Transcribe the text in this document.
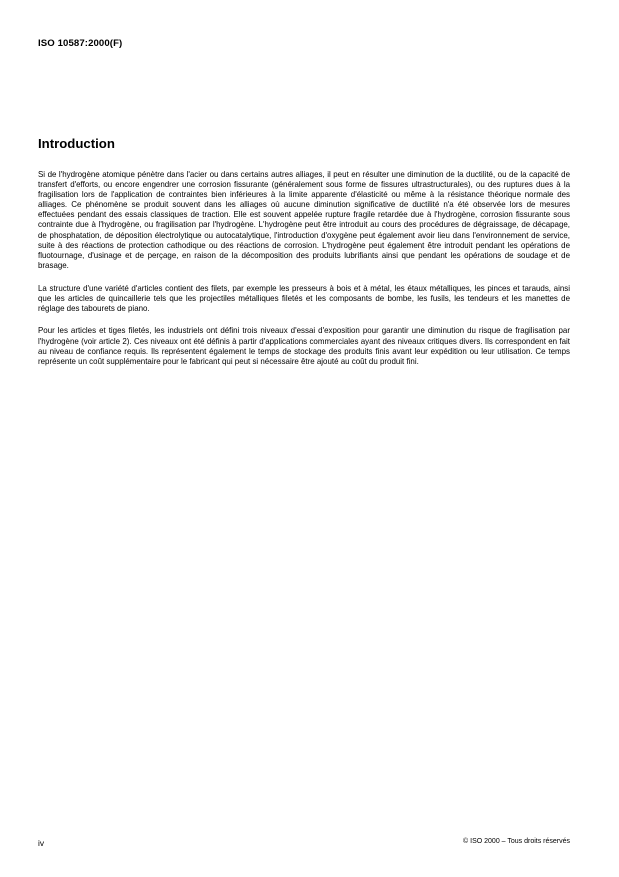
ISO 10587:2000(F)
Introduction

Si de l'hydrogène atomique pénètre dans l'acier ou dans certains autres alliages, il peut en résulter une diminution de la ductilité, ou de la capacité de transfert d'efforts, ou encore engendrer une corrosion fissurante (généralement sous forme de fissures ultrastructurales), ou des ruptures dues à la fragilisation lors de l'application de contraintes bien inférieures à la limite apparente d'élasticité ou même à la résistance théorique normale des alliages. Ce phénomène se produit souvent dans les alliages où aucune diminution significative de ductilité n'a été observée lors de mesures effectuées pendant des essais classiques de traction. Elle est souvent appelée rupture fragile retardée due à l'hydrogène, corrosion fissurante sous contrainte due à l'hydrogène, ou fragilisation par l'hydrogène. L'hydrogène peut être introduit au cours des procédures de dégraissage, de décapage, de phosphatation, de déposition électrolytique ou autocatalytique, l'introduction d'oxygène peut également avoir lieu dans l'environnement de service, suite à des réactions de protection cathodique ou des réactions de corrosion. L'hydrogène peut également être introduit pendant les opérations de fluotournage, d'usinage et de perçage, en raison de la décomposition des produits lubrifiants ainsi que pendant les opérations de soudage et de brasage.

La structure d'une variété d'articles contient des filets, par exemple les presseurs à bois et à métal, les étaux métalliques, les pinces et tarauds, ainsi que les articles de quincaillerie tels que les projectiles métalliques filetés et les composants de bombe, les fusils, les tendeurs et les manettes de réglage des tabourets de piano.

Pour les articles et tiges filetés, les industriels ont défini trois niveaux d'essai d'exposition pour garantir une diminution du risque de fragilisation par l'hydrogène (voir article 2). Ces niveaux ont été définis à partir d'applications commerciales ayant des niveaux critiques divers. Ils correspondent en fait au niveau de confiance requis. Ils représentent également le temps de stockage des produits finis avant leur expédition ou leur utilisation. Ce temps représente un coût supplémentaire pour le fabricant qui peut si nécessaire être ajouté au coût du produit fini.

iv	© ISO 2000 – Tous droits réservés
